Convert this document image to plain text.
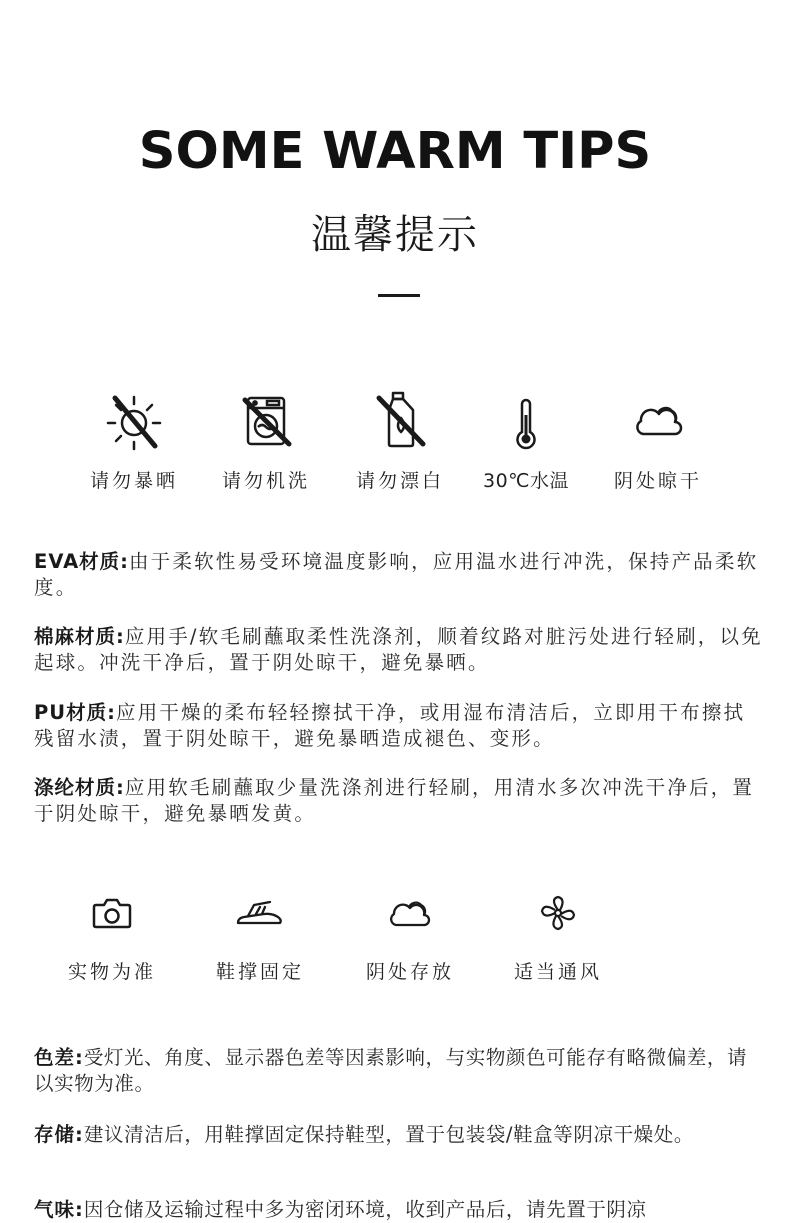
SOME WARM TIPS
温馨提示
请勿暴晒	请勿机洗	请勿漂白	30℃水温	阴处晾干
EVA材质:由于柔软性易受环境温度影响，应用温水进行冲洗，保持产品柔软度。
棉麻材质:应用手/软毛刷蘸取柔性洗涤剂，顺着纹路对脏污处进行轻刷，以免起球。冲洗干净后，置于阴处晾干，避免暴晒。
PU材质:应用干燥的柔布轻轻擦拭干净，或用湿布清洁后，立即用干布擦拭残留水渍，置于阴处晾干，避免暴晒造成褪色、变形。
涤纶材质:应用软毛刷蘸取少量洗涤剂进行轻刷，用清水多次冲洗干净后，置于阴处晾干，避免暴晒发黄。
实物为准	鞋撑固定	阴处存放	适当通风
色差:受灯光、角度、显示器色差等因素影响，与实物颜色可能存有略微偏差，请以实物为准。
存储:建议清洁后，用鞋撑固定保持鞋型，置于包装袋/鞋盒等阴凉干燥处。
气味:因仓储及运输过程中多为密闭环境，收到产品后，请先置于阴凉
